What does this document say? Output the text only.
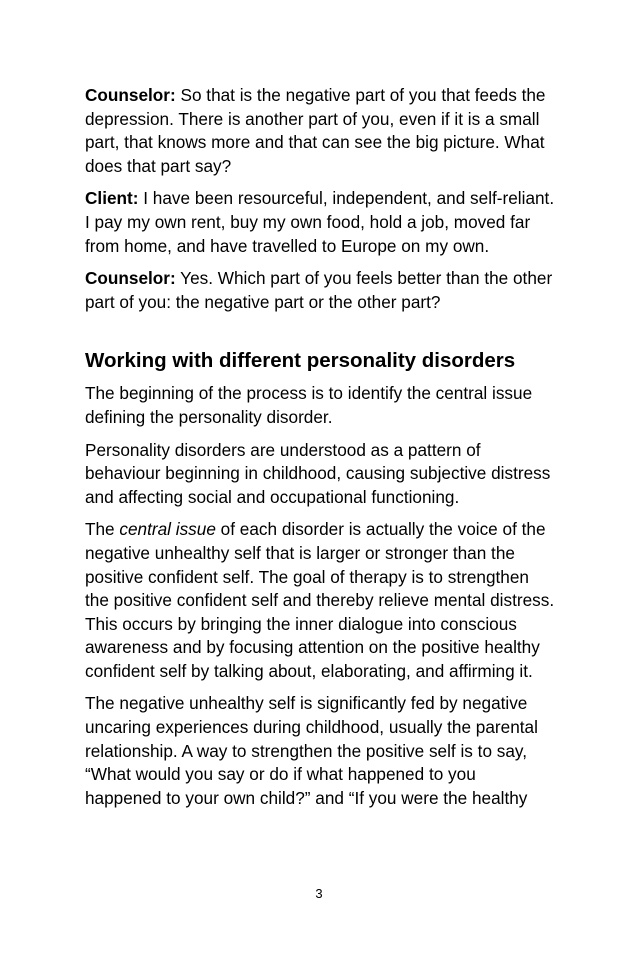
Counselor: So that is the negative part of you that feeds the depression. There is another part of you, even if it is a small part, that knows more and that can see the big picture. What does that part say?

Client: I have been resourceful, independent, and self-reliant. I pay my own rent, buy my own food, hold a job, moved far from home, and have travelled to Europe on my own.

Counselor: Yes. Which part of you feels better than the other part of you: the negative part or the other part?

Working with different personality disorders

The beginning of the process is to identify the central issue defining the personality disorder.

Personality disorders are understood as a pattern of behaviour beginning in childhood, causing subjective distress and affecting social and occupational functioning.

The central issue of each disorder is actually the voice of the negative unhealthy self that is larger or stronger than the positive confident self. The goal of therapy is to strengthen the positive confident self and thereby relieve mental distress. This occurs by bringing the inner dialogue into conscious awareness and by focusing attention on the positive healthy confident self by talking about, elaborating, and affirming it.

The negative unhealthy self is significantly fed by negative uncaring experiences during childhood, usually the parental relationship. A way to strengthen the positive self is to say, “What would you say or do if what happened to you happened to your own child?” and “If you were the healthy

3
